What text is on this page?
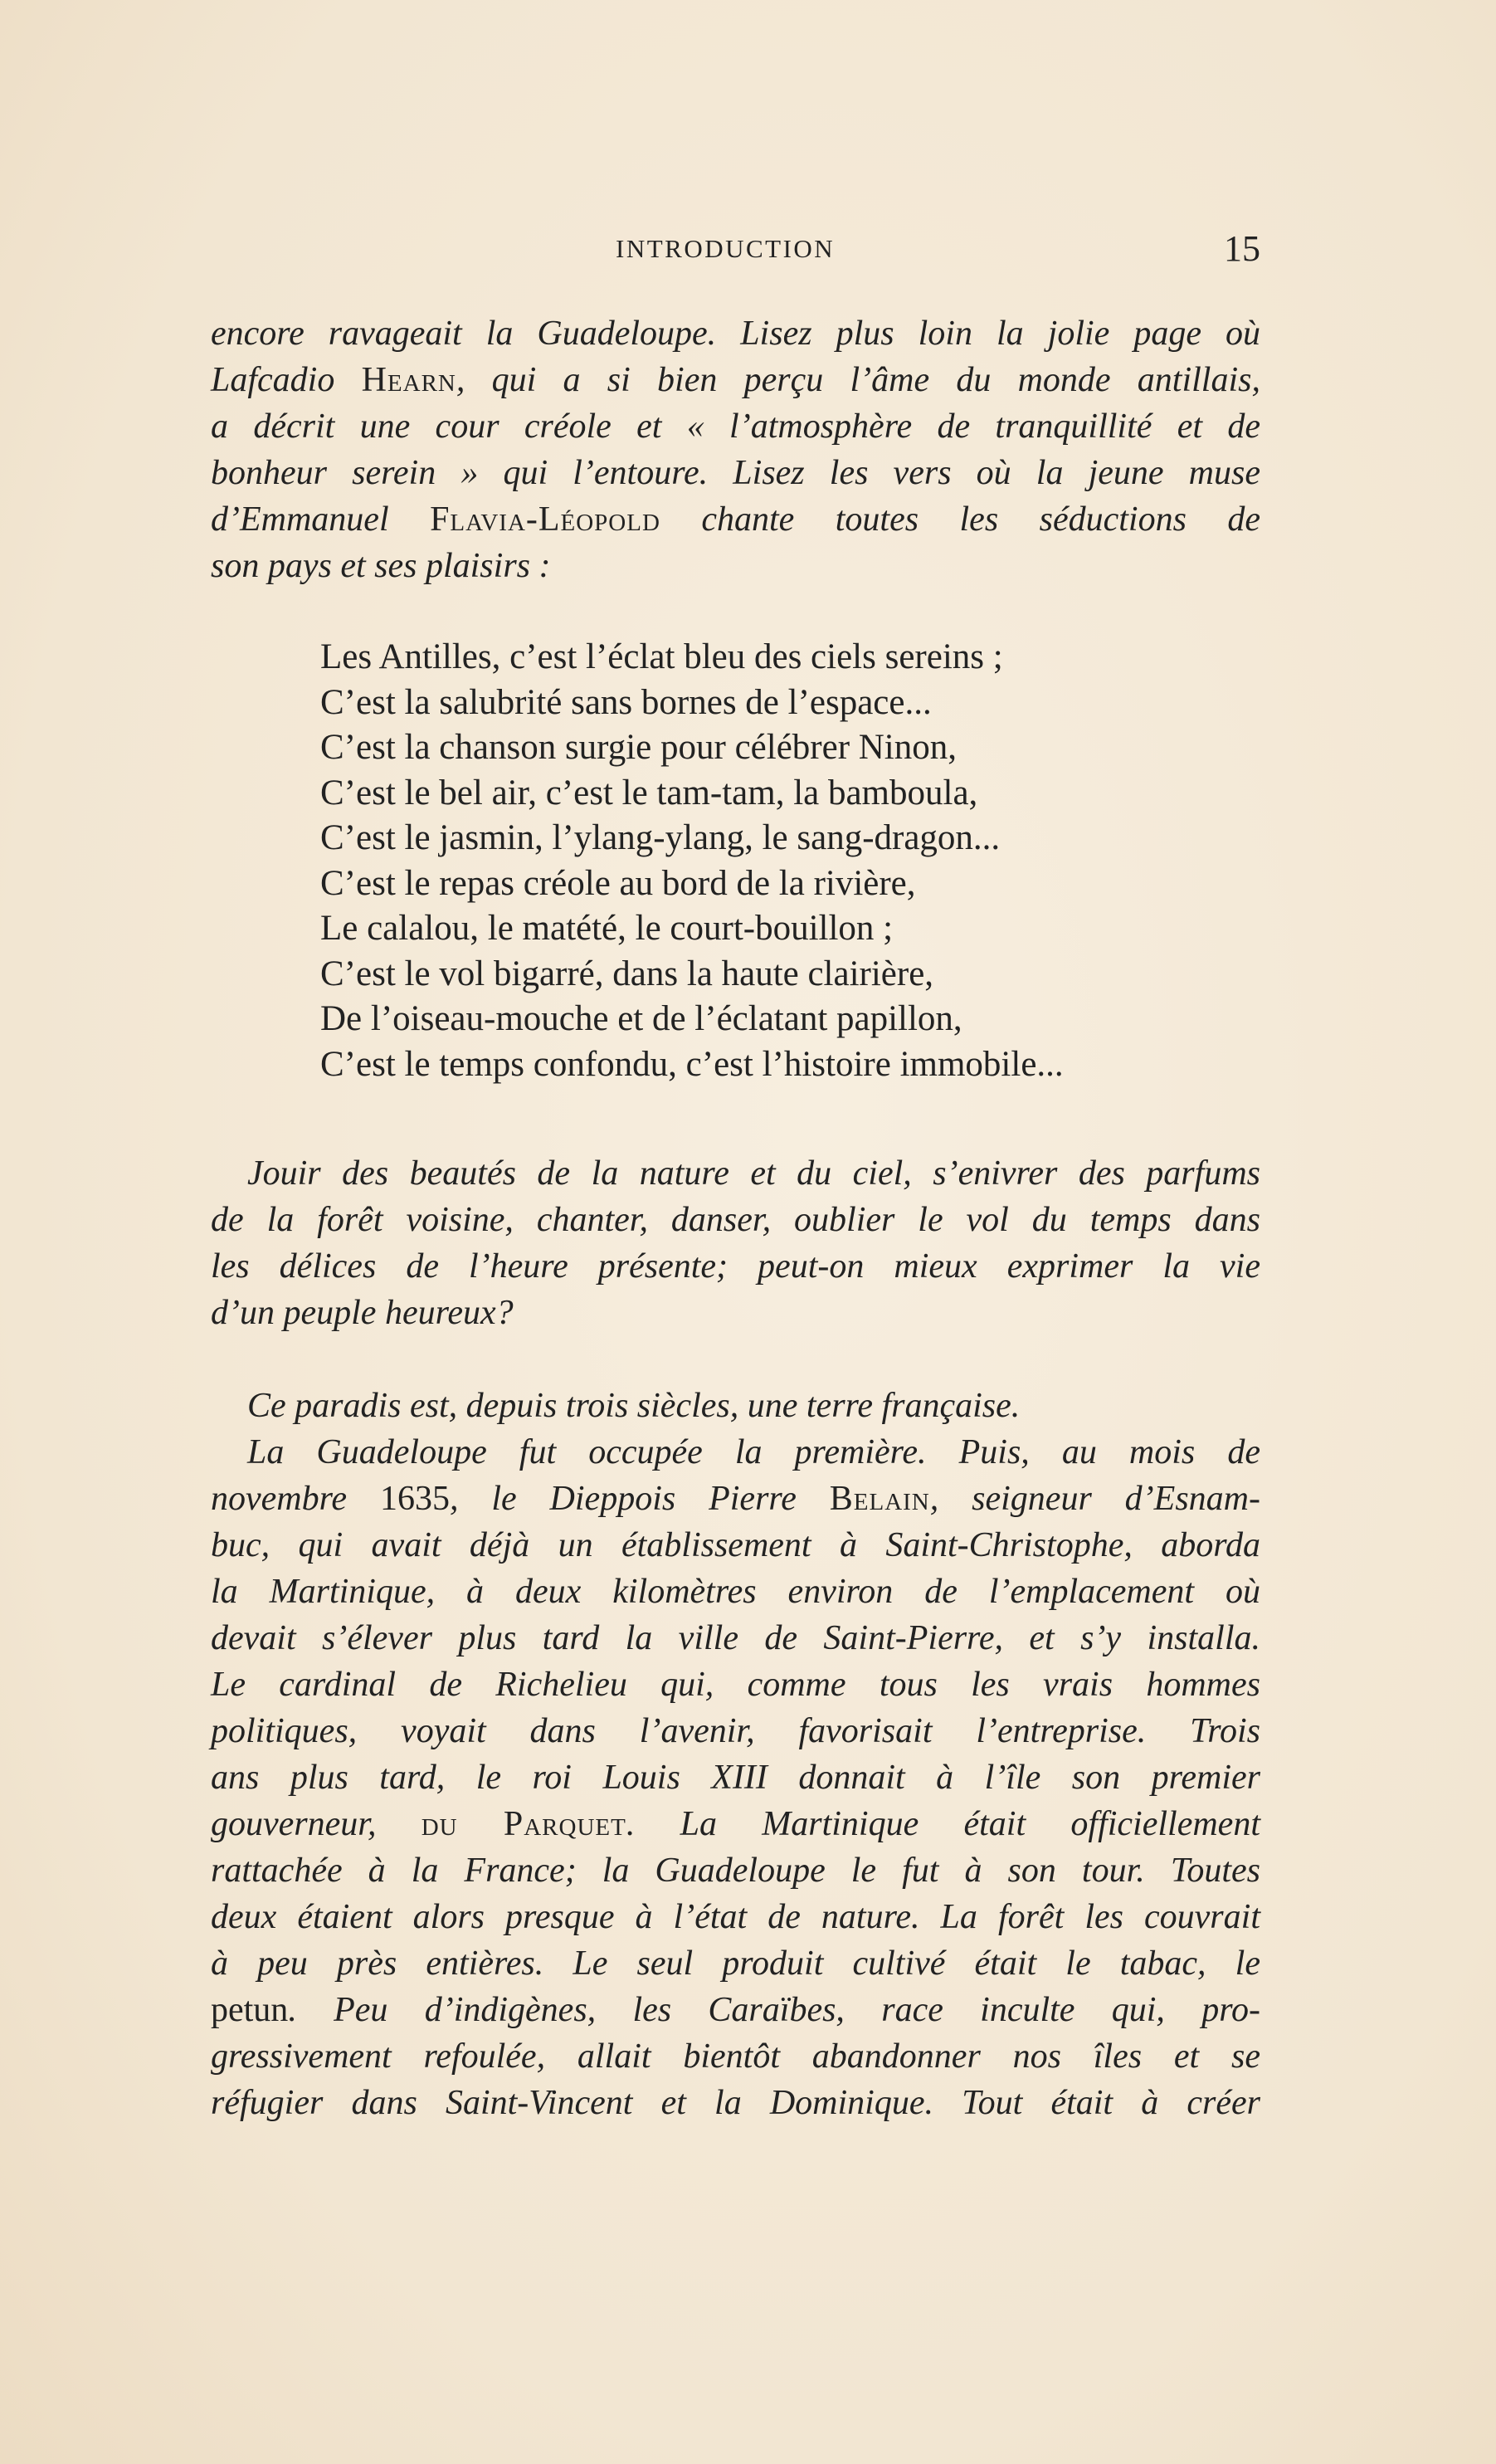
INTRODUCTION	15
encore ravageait la Guadeloupe. Lisez plus loin la jolie page où
Lafcadio Hearn, qui a si bien perçu l’âme du monde antillais,
a décrit une cour créole et « l’atmosphère de tranquillité et de
bonheur serein » qui l’entoure. Lisez les vers où la jeune muse
d’Emmanuel Flavia-Léopold chante toutes les séductions de
son pays et ses plaisirs :
Les Antilles, c’est l’éclat bleu des ciels sereins ;
C’est la salubrité sans bornes de l’espace...
C’est la chanson surgie pour célébrer Ninon,
C’est le bel air, c’est le tam-tam, la bamboula,
C’est le jasmin, l’ylang-ylang, le sang-dragon...
C’est le repas créole au bord de la rivière,
Le calalou, le matété, le court-bouillon ;
C’est le vol bigarré, dans la haute clairière,
De l’oiseau-mouche et de l’éclatant papillon,
C’est le temps confondu, c’est l’histoire immobile...
Jouir des beautés de la nature et du ciel, s’enivrer des parfums
de la forêt voisine, chanter, danser, oublier le vol du temps dans
les délices de l’heure présente; peut-on mieux exprimer la vie
d’un peuple heureux?
Ce paradis est, depuis trois siècles, une terre française.
La Guadeloupe fut occupée la première. Puis, au mois de
novembre 1635, le Dieppois Pierre Belain, seigneur d’Esnam-
buc, qui avait déjà un établissement à Saint-Christophe, aborda
la Martinique, à deux kilomètres environ de l’emplacement où
devait s’élever plus tard la ville de Saint-Pierre, et s’y installa.
Le cardinal de Richelieu qui, comme tous les vrais hommes
politiques, voyait dans l’avenir, favorisait l’entreprise. Trois
ans plus tard, le roi Louis XIII donnait à l’île son premier
gouverneur, du Parquet. La Martinique était officiellement
rattachée à la France; la Guadeloupe le fut à son tour. Toutes
deux étaient alors presque à l’état de nature. La forêt les couvrait
à peu près entières. Le seul produit cultivé était le tabac, le
petun. Peu d’indigènes, les Caraïbes, race inculte qui, pro-
gressivement refoulée, allait bientôt abandonner nos îles et se
réfugier dans Saint-Vincent et la Dominique. Tout était à créer
